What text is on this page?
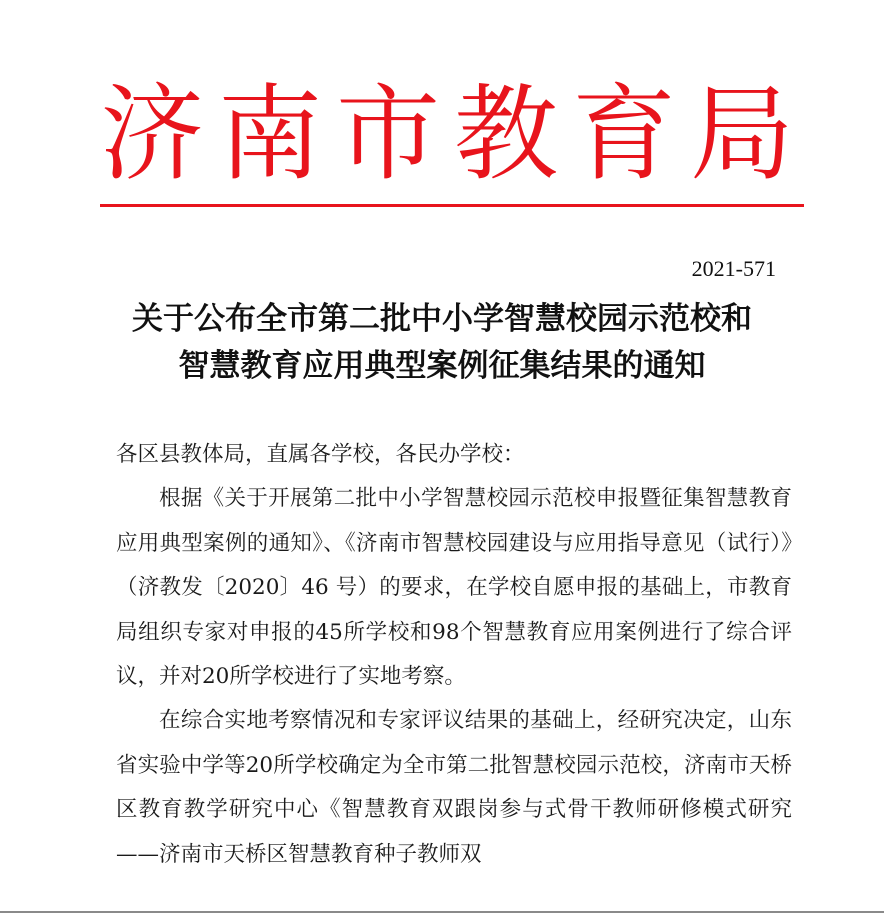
济南市教育局
2021-571
关于公布全市第二批中小学智慧校园示范校和
智慧教育应用典型案例征集结果的通知

各区县教体局，直属各学校，各民办学校：

根据《关于开展第二批中小学智慧校园示范校申报暨征集智慧教育应用典型案例的通知》、《济南市智慧校园建设与应用指导意见（试行）》（济教发〔2020〕46 号）的要求，在学校自愿申报的基础上，市教育局组织专家对申报的45所学校和98个智慧教育应用案例进行了综合评议，并对20所学校进行了实地考察。

在综合实地考察情况和专家评议结果的基础上，经研究决定，山东省实验中学等20所学校确定为全市第二批智慧校园示范校，济南市天桥区教育教学研究中心《智慧教育双跟岗参与式骨干教师研修模式研究——济南市天桥区智慧教育种子教师双
